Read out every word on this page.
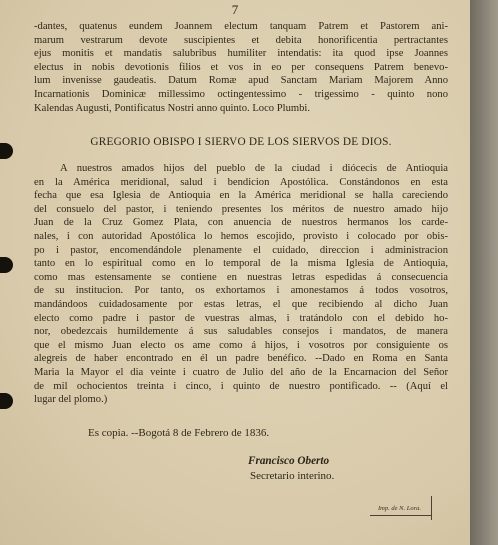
7
-dantes, quatenus eundem Joannem electum tanquam Patrem et Pastorem ani-
marum vestrarum devote suscipientes et debita honorificentia pertractantes
ejus monitis et mandatis salubribus humiliter intendatis: ita quod ipse Joannes
electus in nobis devotionis filios et vos in eo per consequens Patrem benevo-
lum invenisse gaudeatis. Datum Romæ apud Sanctam Mariam Majorem Anno
Incarnationis Dominicæ millessimo octingentessimo - trigessimo - quinto nono
Kalendas Augusti, Pontificatus Nostri anno quinto. Loco Plumbi.
GREGORIO OBISPO I SIERVO DE LOS SIERVOS DE DIOS.
A nuestros amados hijos del pueblo de la ciudad i diócecis de Antioquia
en la América meridional, salud i bendicion Apostólica. Constándonos en esta
fecha que esa Iglesia de Antioquia en la América meridional se halla careciendo
del consuelo del pastor, i teniendo presentes los méritos de nuestro amado hijo
Juan de la Cruz Gomez Plata, con anuencia de nuestros hermanos los carde-
nales, i con autoridad Apostólica lo hemos escojido, provisto i colocado por obis-
po i pastor, encomendándole plenamente el cuidado, direccion i administracion
tanto en lo espiritual como en lo temporal de la misma Iglesia de Antioquia,
como mas estensamente se contiene en nuestras letras espedidas á consecuencia
de su institucion. Por tanto, os exhortamos i amonestamos á todos vosotros,
mandándoos cuidadosamente por estas letras, el que recibiendo al dicho Juan
electo como padre i pastor de vuestras almas, i tratándolo con el debido ho-
nor, obedezcais humildemente á sus saludables consejos i mandatos, de manera
que el mismo Juan electo os ame como á hijos, i vosotros por consiguiente os
alegreis de haber encontrado en él un padre benéfico. --Dado en Roma en Santa
Maria la Mayor el dia veinte i cuatro de Julio del año de la Encarnacion del Señor
de mil ochocientos treinta i cinco, i quinto de nuestro pontificado. -- (Aquí el
lugar del plomo.)
Es copia. --Bogotá 8 de Febrero de 1836.
Francisco Oberto
Secretario interino.
Imp. de N. Lora.
